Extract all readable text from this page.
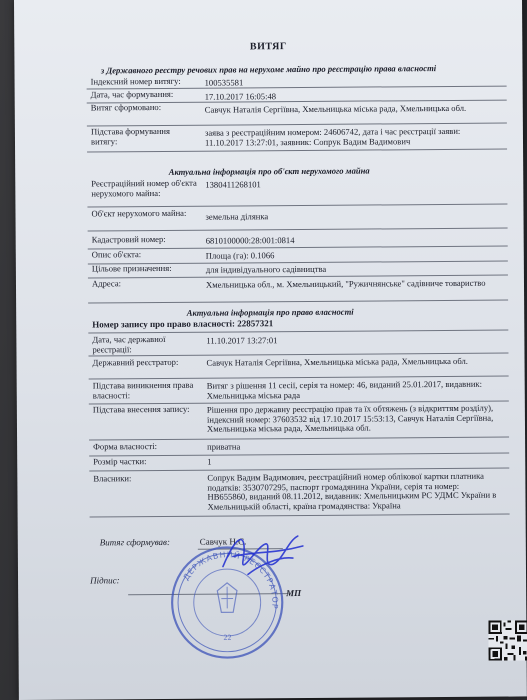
ВИТЯГ
з Державного реєстру речових прав на нерухоме майно про реєстрацію права власності
Індексний номер витягу:	100535581
Дата, час формування:	17.10.2017 16:05:48
Витяг сформовано:	Савчук Наталія Сергіївна, Хмельницька міська рада, Хмельницька обл.
Підстава формування витягу:
заява з реєстраційним номером: 24606742, дата і час реєстрації заяви: 11.10.2017 13:27:01, заявник: Сопрук Вадим Вадимович
Актуальна інформація про об'єкт нерухомого майна
Реєстраційний номер об'єкта нерухомого майна:
1380411268101
Об'єкт нерухомого майна:	земельна ділянка
Кадастровий номер:	6810100000:28:001:0814
Опис об'єкта:	Площа (га): 0.1066
Цільове призначення:	для індивідуального садівництва
Адреса:	Хмельницька обл., м. Хмельницький, "Ружичнянське" садівниче товариство
Актуальна інформація про право власності
Номер запису про право власності: 22857321
Дата, час державної реєстрації:
11.10.2017 13:27:01
Державний реєстратор:	Савчук Наталія Сергіївна, Хмельницька міська рада, Хмельницька обл.
Підстава виникнення права власності:
Витяг з рішення 11 сесії, серія та номер: 46, виданий 25.01.2017, видавник: Хмельницька міська рада
Підстава внесення запису:	Рішення про державну реєстрацію прав та їх обтяжень (з відкриттям розділу), індексний номер: 37603532 від 17.10.2017 15:53:13, Савчук Наталія Сергіївна, Хмельницька міська рада, Хмельницька обл.
Форма власності:	приватна
Розмір частки:	1
Власники:	Сопрук Вадим Вадимович, реєстраційний номер облікової картки платника податків: 3530707295, паспорт громадянина України, серія та номер: НВ655860, виданий 08.11.2012, видавник: Хмельницьким РС УДМС України в Хмельницькій області, країна громадянства: Україна
Витяг сформував:	Савчук Н.С.
Підпис:
МП
ДЕРЖАВНИЙ РЕЄСТРАТОР
22
